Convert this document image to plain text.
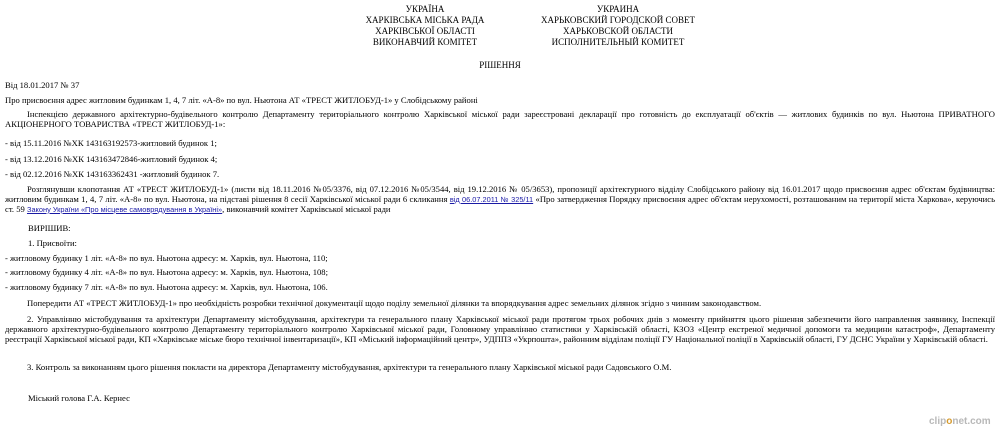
УКРАЇНА
ХАРКІВСЬКА МІСЬКА РАДА
ХАРКІВСЬКОЇ ОБЛАСТІ
ВИКОНАВЧИЙ КОМІТЕТ
УКРАИНА
ХАРЬКОВСКИЙ ГОРОДСКОЙ СОВЕТ
ХАРЬКОВСКОЙ ОБЛАСТИ
ИСПОЛНИТЕЛЬНЫЙ КОМИТЕТ
РІШЕННЯ
Від 18.01.2017 № 37
Про присвоєння адрес житловим будинкам 1, 4, 7 літ. «А-8» по вул. Ньютона АТ «ТРЕСТ ЖИТЛОБУД-1» у Слобідському районі
Інспекцією державного архітектурно-будівельного контролю Департаменту територіального контролю Харківської міської ради зареєстровані декларації про готовність до експлуатації об'єктів — житлових будинків по вул. Ньютона ПРИВАТНОГО АКЦІОНЕРНОГО ТОВАРИСТВА «ТРЕСТ ЖИТЛОБУД-1»:
- від 15.11.2016 №ХК 143163192573-житловий будинок 1;
- від 13.12.2016 №ХК 143163472846-житловий будинок 4;
- від 02.12.2016 №ХК 143163362431 -житловий будинок 7.
Розглянувши клопотання АТ «ТРЕСТ ЖИТЛОБУД-1» (листи від 18.11.2016 №05/3376, від 07.12.2016 №05/3544, від 19.12.2016 № 05/3653), пропозиції архітектурного відділу Слобідського району від 16.01.2017 щодо присвоєння адрес об'єктам будівництва: житловим будинкам 1, 4, 7 літ. «А-8» по вул. Ньютона, на підставі рішення 8 сесії Харківської міської ради 6 скликання від 06.07.2011 № 325/11 «Про затвердження Порядку присвоєння адрес об'єктам нерухомості, розташованим на території міста Харкова», керуючись ст. 59 Закону України «Про місцеве самоврядування в Україні», виконавчий комітет Харківської міської ради
ВИРІШИВ:
1. Присвоїти:
- житловому будинку 1 літ. «А-8» по вул. Ньютона адресу: м. Харків, вул. Ньютона, 110;
- житловому будинку 4 літ. «А-8» по вул. Ньютона адресу: м. Харків, вул. Ньютона, 108;
- житловому будинку 7 літ. «А-8» по вул. Ньютона адресу: м. Харків, вул. Ньютона, 106.
Попередити АТ «ТРЕСТ ЖИТЛОБУД-1» про необхідність розробки технічної документації щодо поділу земельної ділянки та впорядкування адрес земельних ділянок згідно з чинним законодавством.
2. Управлінню містобудування та архітектури Департаменту містобудування, архітектури та генерального плану Харківської міської ради протягом трьох робочих днів з моменту прийняття цього рішення забезпечити його направлення заявнику, Інспекції державного архітектурно-будівельного контролю Департаменту територіального контролю Харківської міської ради, Головному управлінню статистики у Харківській області, КЗОЗ «Центр екстреної медичної допомоги та медицини катастроф», Департаменту реєстрації Харківської міської ради, КП «Харківське міське бюро технічної інвентаризації», КП «Міський інформаційний центр», УДППЗ «Укрпошта», районним відділам поліції ГУ Національної поліції в Харківській області, ГУ ДСНС України у Харківській області.
3. Контроль за виконанням цього рішення покласти на директора Департаменту містобудування, архітектури та генерального плану Харківської міської ради Садовського О.М.
Міський голова Г.А. Кернес
cliponet.com
